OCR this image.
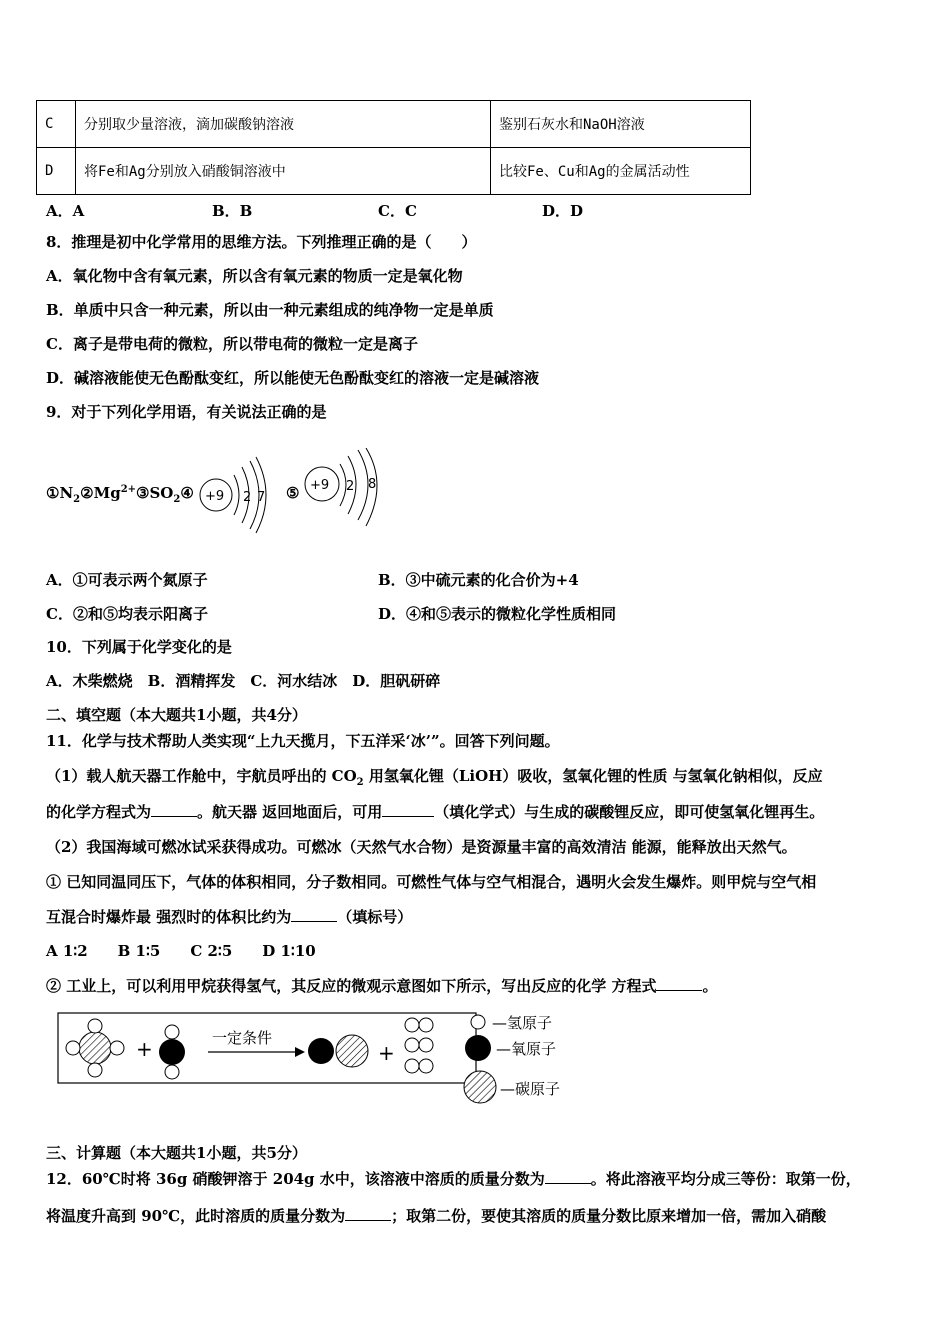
C	分别取少量溶液，滴加碳酸钠溶液	鉴别石灰水和NaOH溶液
D	将Fe和Ag分别放入硝酸铜溶液中	比较Fe、Cu和Ag的金属活动性
A．A	B．B	C．C	D．D
8．推理是初中化学常用的思维方法。下列推理正确的是（　　）
A．氧化物中含有氧元素，所以含有氧元素的物质一定是氧化物
B．单质中只含一种元素，所以由一种元素组成的纯净物一定是单质
C．离子是带电荷的微粒，所以带电荷的微粒一定是离子
D．碱溶液能使无色酚酞变红，所以能使无色酚酞变红的溶液一定是碱溶液
9．对于下列化学用语，有关说法正确的是
$①N_2②Mg^{2+}③SO_2④$	⑤
+9 2 7
+9 2 8
A．①可表示两个氮原子	B．③中硫元素的化合价为+4
C．②和⑤均表示阳离子	D．④和⑤表示的微粒化学性质相同
10．下列属于化学变化的是
A．木柴燃烧　B．酒精挥发　C．河水结冰　D．胆矾研碎
二、填空题（本大题共1小题，共4分）
11．化学与技术帮助人类实现“上九天揽月，下五洋采‘冰’”。回答下列问题。
（1）载人航天器工作舱中，宇航员呼出的 $CO_2$ 用氢氧化锂（LiOH）吸收，氢氧化锂的性质 与氢氧化钠相似，反应
的化学方程式为	。航天器 返回地面后，可用	（填化学式）与生成的碳酸锂反应，即可使氢氧化锂再生。
（2）我国海域可燃冰试采获得成功。可燃冰（天然气水合物）是资源量丰富的高效清洁 能源，能释放出天然气。
① 已知同温同压下，气体的体积相同，分子数相同。可燃性气体与空气相混合，遇明火会发生爆炸。则甲烷与空气相
互混合时爆炸最 强烈时的体积比约为	（填标号）
A 1∶2　　B 1∶5　　C 2∶5　　D 1∶10
② 工业上，可以利用甲烷获得氢气，其反应的微观示意图如下所示，写出反应的化学 方程式	。
+	一定条件
+
—氢原子
—氧原子
—碳原子
三、计算题（本大题共1小题，共5分）
12．60℃时将 36g 硝酸钾溶于 204g 水中，该溶液中溶质的质量分数为	。将此溶液平均分成三等份：取第一份，
将温度升高到 90℃，此时溶质的质量分数为	；取第二份，要使其溶质的质量分数比原来增加一倍，需加入硝酸
